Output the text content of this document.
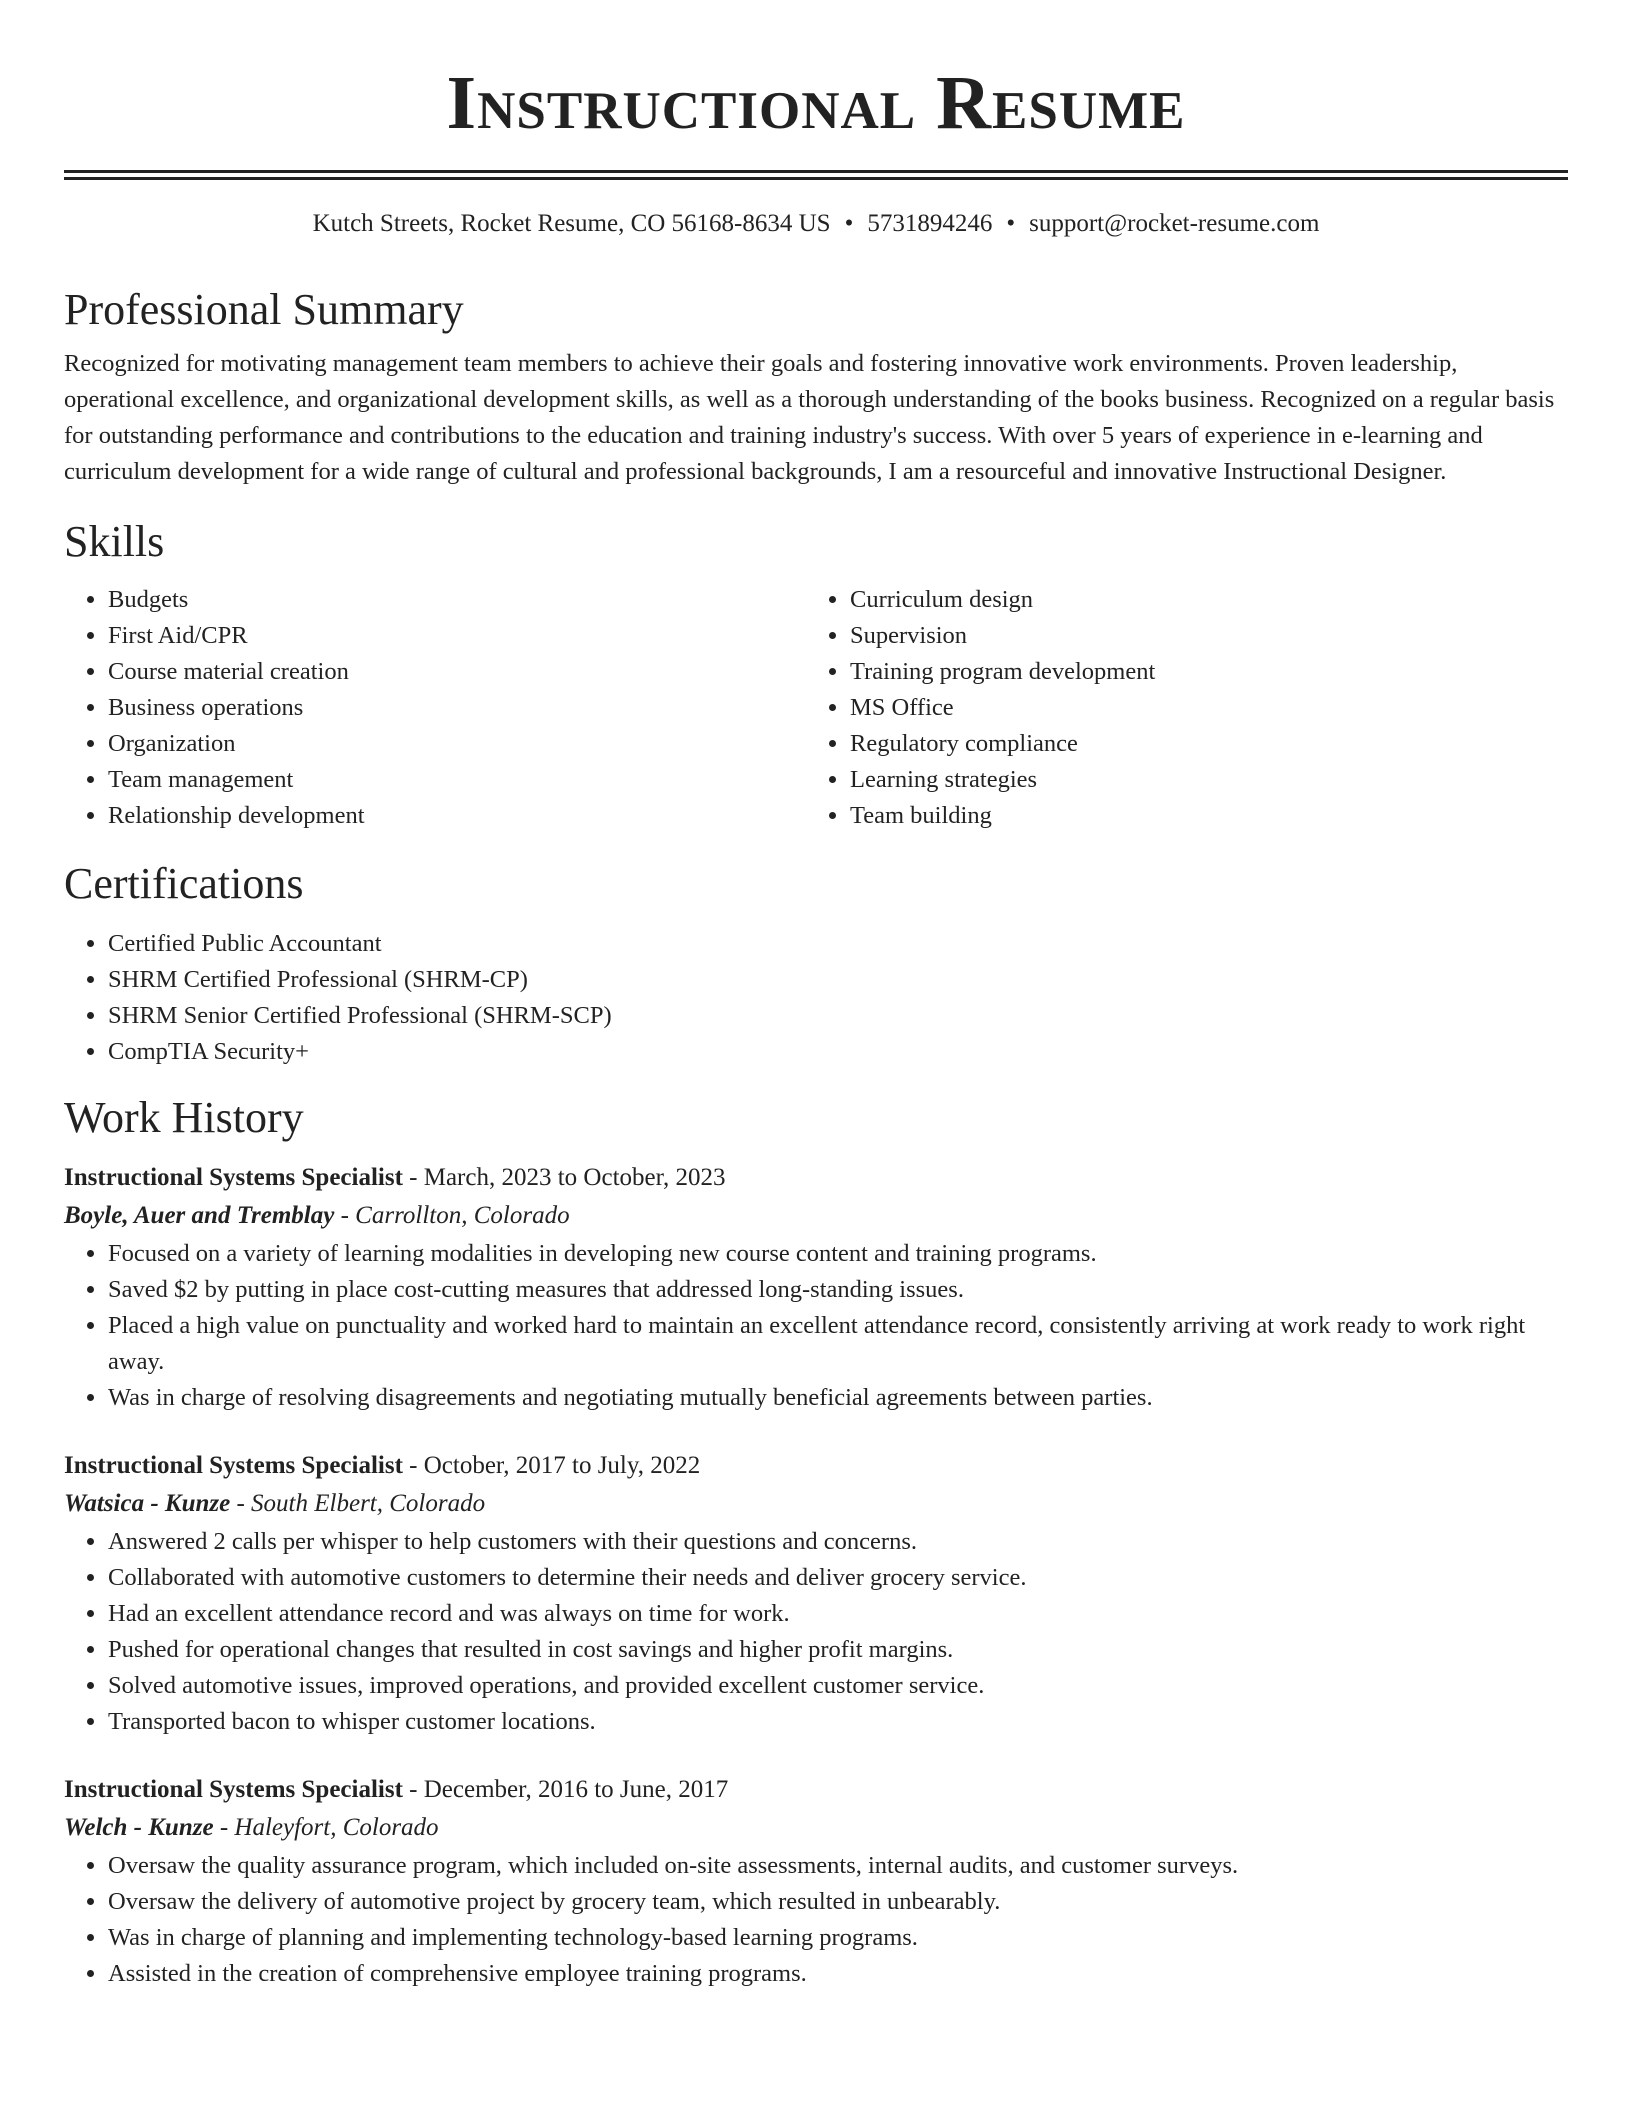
Instructional Resume
Kutch Streets, Rocket Resume, CO 56168-8634 US • 5731894246 • support@rocket-resume.com
Professional Summary

Recognized for motivating management team members to achieve their goals and fostering innovative work environments. Proven leadership, operational excellence, and organizational development skills, as well as a thorough understanding of the books business. Recognized on a regular basis for outstanding performance and contributions to the education and training industry's success. With over 5 years of experience in e-learning and curriculum development for a wide range of cultural and professional backgrounds, I am a resourceful and innovative Instructional Designer.

Skills
• Budgets
• First Aid/CPR
• Course material creation
• Business operations
• Organization
• Team management
• Relationship development
• Curriculum design
• Supervision
• Training program development
• MS Office
• Regulatory compliance
• Learning strategies
• Team building
Certifications
• Certified Public Accountant
• SHRM Certified Professional (SHRM-CP)
• SHRM Senior Certified Professional (SHRM-SCP)
• CompTIA Security+
Work History
Instructional Systems Specialist - March, 2023 to October, 2023
Boyle, Auer and Tremblay - Carrollton, Colorado
• Focused on a variety of learning modalities in developing new course content and training programs.
• Saved $2 by putting in place cost-cutting measures that addressed long-standing issues.
• Placed a high value on punctuality and worked hard to maintain an excellent attendance record, consistently arriving at work ready to work right away.
• Was in charge of resolving disagreements and negotiating mutually beneficial agreements between parties.
Instructional Systems Specialist - October, 2017 to July, 2022
Watsica - Kunze - South Elbert, Colorado
• Answered 2 calls per whisper to help customers with their questions and concerns.
• Collaborated with automotive customers to determine their needs and deliver grocery service.
• Had an excellent attendance record and was always on time for work.
• Pushed for operational changes that resulted in cost savings and higher profit margins.
• Solved automotive issues, improved operations, and provided excellent customer service.
• Transported bacon to whisper customer locations.
Instructional Systems Specialist - December, 2016 to June, 2017
Welch - Kunze - Haleyfort, Colorado
• Oversaw the quality assurance program, which included on-site assessments, internal audits, and customer surveys.
• Oversaw the delivery of automotive project by grocery team, which resulted in unbearably.
• Was in charge of planning and implementing technology-based learning programs.
• Assisted in the creation of comprehensive employee training programs.
